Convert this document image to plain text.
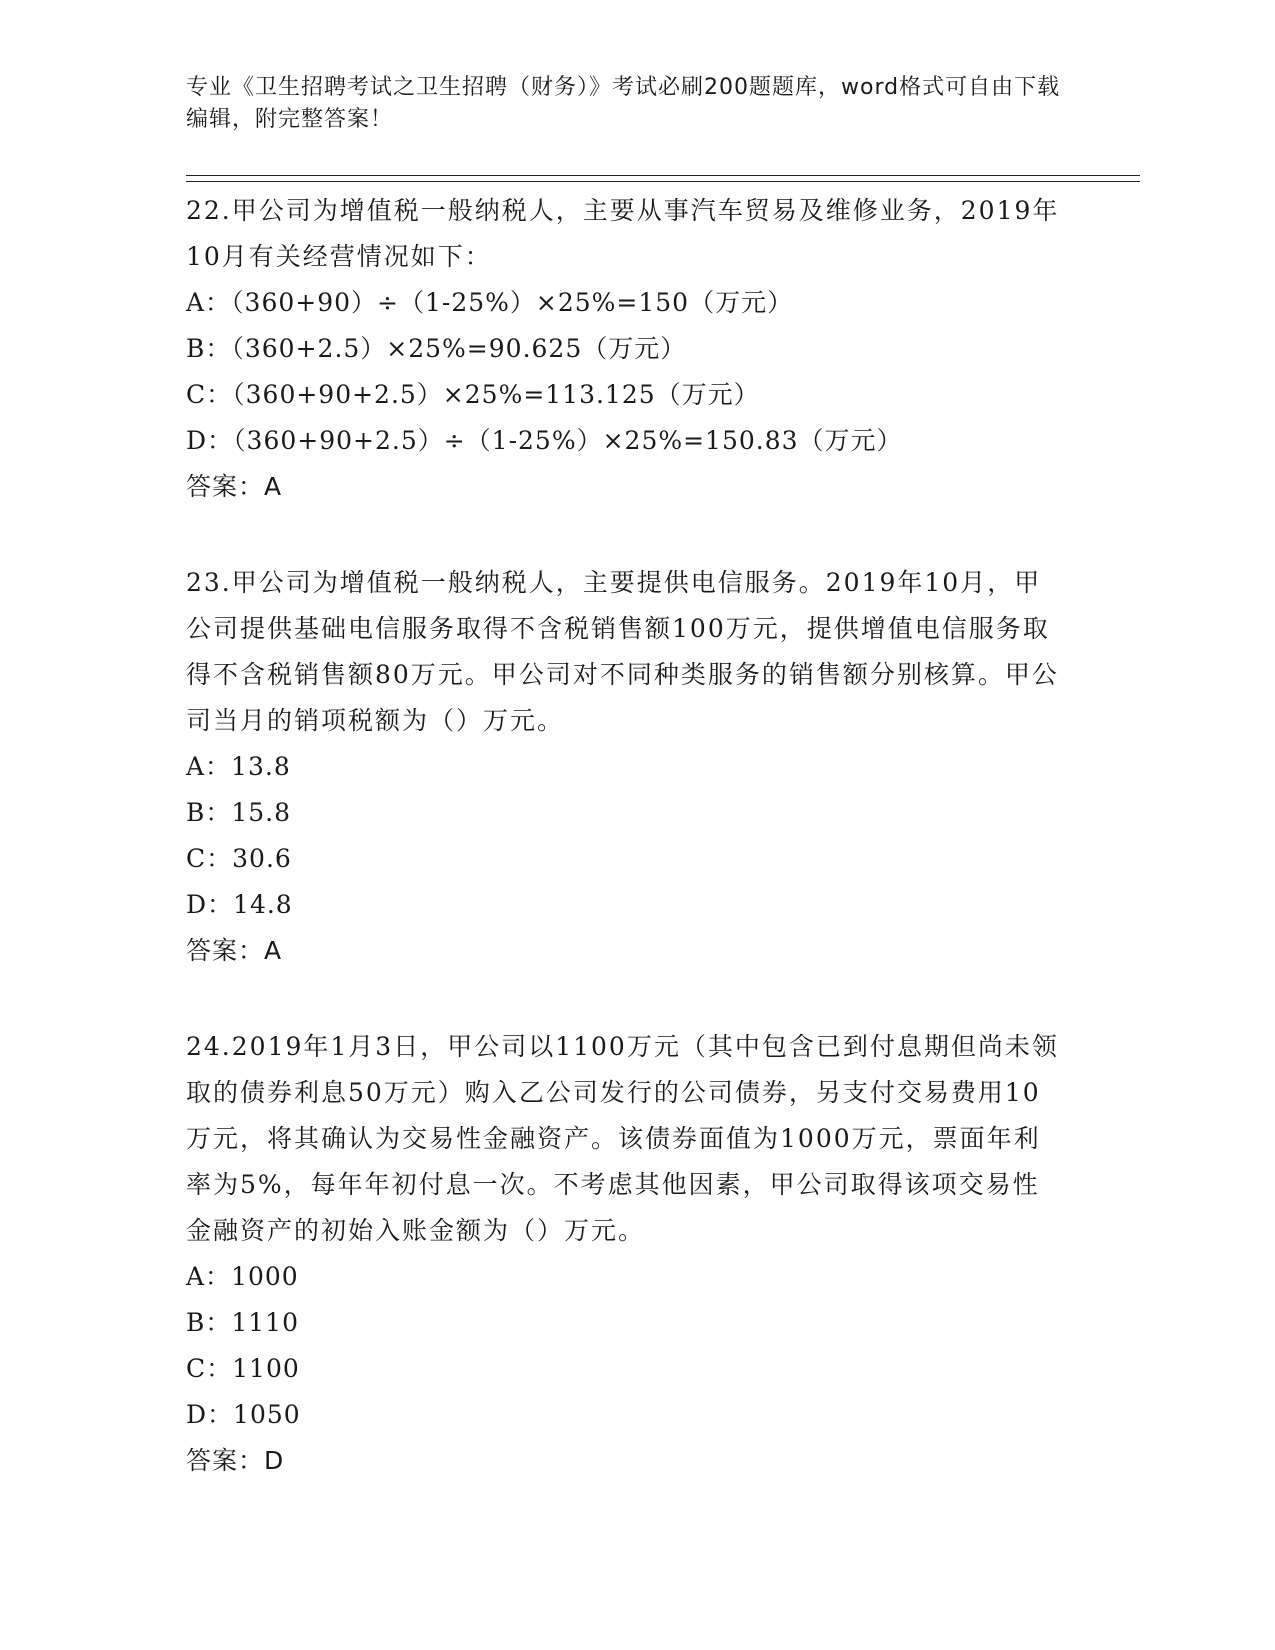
专业《卫生招聘考试之卫生招聘（财务）》考试必刷200题题库，word格式可自由下载编辑，附完整答案！

22.甲公司为增值税一般纳税人，主要从事汽车贸易及维修业务，2019年10月有关经营情况如下：

A：（360+90）÷（1-25%）×25%=150（万元）
B：（360+2.5）×25%=90.625（万元）
C：（360+90+2.5）×25%=113.125（万元）
D：（360+90+2.5）÷（1-25%）×25%=150.83（万元）
答案：A

23.甲公司为增值税一般纳税人，主要提供电信服务。2019年10月，甲公司提供基础电信服务取得不含税销售额100万元，提供增值电信服务取得不含税销售额80万元。甲公司对不同种类服务的销售额分别核算。甲公司当月的销项税额为（）万元。

A：13.8
B：15.8
C：30.6
D：14.8
答案：A

24.2019年1月3日，甲公司以1100万元（其中包含已到付息期但尚未领取的债券利息50万元）购入乙公司发行的公司债券，另支付交易费用10万元，将其确认为交易性金融资产。该债券面值为1000万元，票面年利率为5%，每年年初付息一次。不考虑其他因素，甲公司取得该项交易性金融资产的初始入账金额为（）万元。

A：1000
B：1110
C：1100
D：1050
答案：D
